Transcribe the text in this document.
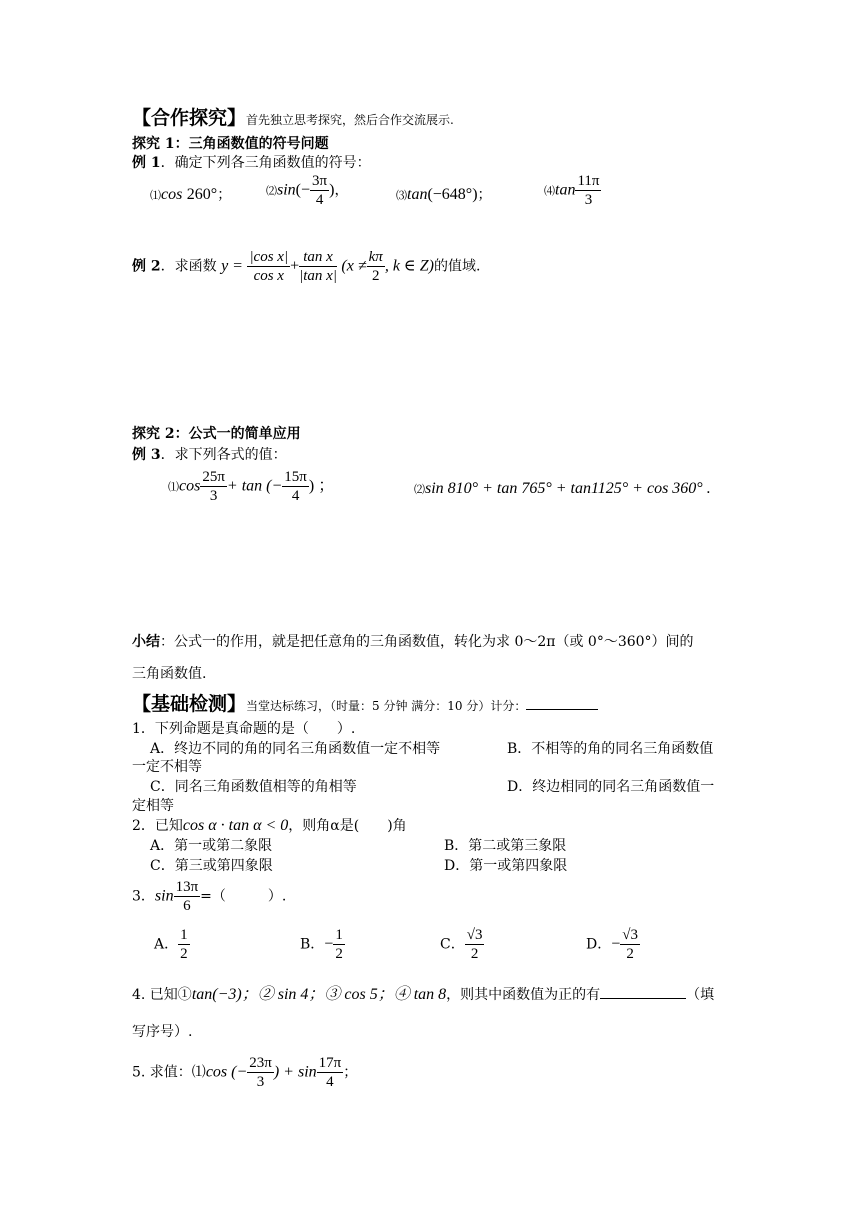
【合作探究】首先独立思考探究，然后合作交流展示.
探究 1：三角函数值的符号问题
例 1．确定下列各三角函数值的符号：
⑴cos 260°；	⑵sin(− $\frac{3\pi}{4}$ )，	⑶tan(−648°)；	⑷tan $\frac{11\pi}{3}$
例 2．求函数 $y = \frac{\text{|cos x|}}{\text{cos x}} + \frac{\text{tan x}}{\text{|tan x|}} (x \ne \frac{k\pi}{2}$ , k ∈ Z)的值域.
探究 2：公式一的简单应用
例 3．求下列各式的值：
⑴cos $\frac{25\pi}{3} + \tan$ (− $\frac{15\pi}{4}$ ) ；	⑵sin 810° + tan 765° + tan1125° + cos 360° .
小结：公式一的作用，就是把任意角的三角函数值，转化为求 0～2π（或 0°～360°）间的
三角函数值.
【基础检测】当堂达标练习，（时量：5 分钟 满分：10 分）计分：
1．下列命题是真命题的是（　　）.
A．终边不同的角的同名三角函数值一定不相等	B．不相等的角的同名三角函数值
一定不相等
C．同名三角函数值相等的角相等	D．终边相同的同名三角函数值一
定相等
2．已知cos α · tan α < 0，则角α是(　　)角
A．第一或第二象限	B．第二或第三象限
C．第三或第四象限	D．第一或第四象限
3．$\sin \frac{13\pi}{6}$ =（　　　）.
A． $\frac{1}{2}$	B．− $\frac{1}{2}$	C． $\frac{√3}{2}$	D．− $\frac{√3}{2}$
4. 已知①tan(−3)；② sin 4；③ cos 5；④ tan 8，则其中函数值为正的有	（填
写序号）.
5. 求值：⑴cos (− $\frac{23\pi}{3}$ ) + $\sin \frac{17\pi}{4}$ ；
